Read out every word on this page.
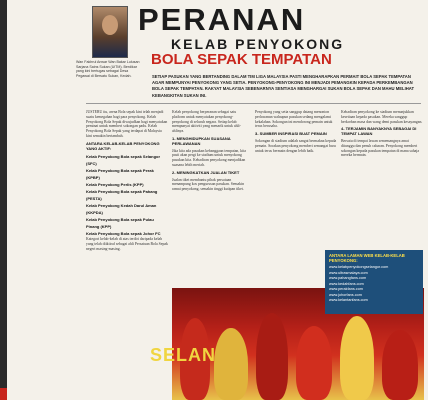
Wan Fakhrul Anwar Wan Bakar Lulusan Sarjana Sains Sukan (UiTM). Berdikar yang kini bertugas sebagai Desa Pegawai di Bersatu Sukan, Kedah.
PERANAN
KELAB PENYOKONG
BOLA SEPAK TEMPATAN
SETIAP PASUKAN YANG BERTANDING DALAM TIM LIGA MALAYSIA PASTI MENGHARAPKAN PERMAIT BOLA SEPAK TEMPATAN AGAR MEMPUNYAI PENYOKONG YANG SETIA. PENYOKONG-PENYOKONG INI MENJADI PEMANGKIN KEPADA PERKEMBANGAN BOLA SEPAK TEMPATAN. RAKYAT MALAYSIA SEBENARNYA SENTIASA MENGHARGAI SUKAN BOLA SEPAK DAN MAHU MELIHAT KEBANGKITAN SUKAN INI.

JUSTERU itu, arena Bola sepak kini telah menjadi suatu kemegahan bagi para penyokong. Kelab Penyokong Bola Sepak diwujudkan bagi menyatukan peminat untuk memberi sokongan padu. Kelab Penyokong Bola Sepak yang terdapat di Malaysia kini semakin bertambah.

ANTARA KELAB-KELAB PENYOKONG YANG AKTIF:
Kelab Penyokong Bola sepak Selangor (SFC)
Kelab Penyokong Bola sepak Perak (KPBP)
Kelab Penyokong Perlis (KPP)
Kelab Penyokong Bola sepak Pahang (PESTA)
Kelab Penyokong Kedah Darul Aman (KKPDA)
Kelab Penyokong Bola sepak Pulau Pinang (KPP)
Kelab Penyokong Bola sepak Johor FC

Kategori kelab-kelab di atas terdiri daripada kelab yang telah diiktiraf sebagai ahli Persatuan Bola Sepak negeri masing-masing.

Kelab penyokong berperanan sebagai satu platform untuk menyatukan penyokong-penyokong di seluruh negara. Setiap kelab mempunyai aktiviti yang menarik untuk ahli-ahlinya.

1- MENGHIDUPKAN SUASANA PERLAWANAN

Jika kita ada pasukan kebanggaan tempatan, kita pasti akan pergi ke stadium untuk menyokong pasukan kita. Kehadiran penyokong menjadikan suasana lebih meriah.

2- MENINGKATKAN JUALAN TIKET

Jualan tiket membantu pihak persatuan menampung kos pengurusan pasukan. Semakin ramai penyokong, semakin tinggi kutipan tiket.

Penyokong yang setia sanggup datang menonton perlawanan walaupun pasukan sedang mengalami kekalahan. Sokongan ini mendorong pemain untuk terus berusaha.

3- SUMBER INSPIRASI BUAT PEMAIN

Sokongan di stadium adalah sangat bermakna kepada pemain. Sorakan penyokong memberi semangat baru untuk terus bermain dengan lebih baik.

Kehadiran penyokong ke stadium menunjukkan kesetiaan kepada pasukan. Mereka sanggup berkorban masa dan wang demi pasukan kesayangan.

4- TERJAMIN BANYAKNYA SEBAGAI DI TEMPAT LAWAN

Bersatu di tempat lawan sememangnya amat ditunggu dan penuh cabaran. Penyokong memberi sokongan kepada pasukan tempatan di mana sahaja mereka bermain.

SELAN
ANTARA LAMAN WEB KELAB-KELAB PENYOKONG:
www.kelabpenyokongselangor.com
www.ultrasmalaya.com
www.pahangfans.com
www.kedahfans.com
www.perakfans.com
www.johorfans.com
www.kelantanfans.com
